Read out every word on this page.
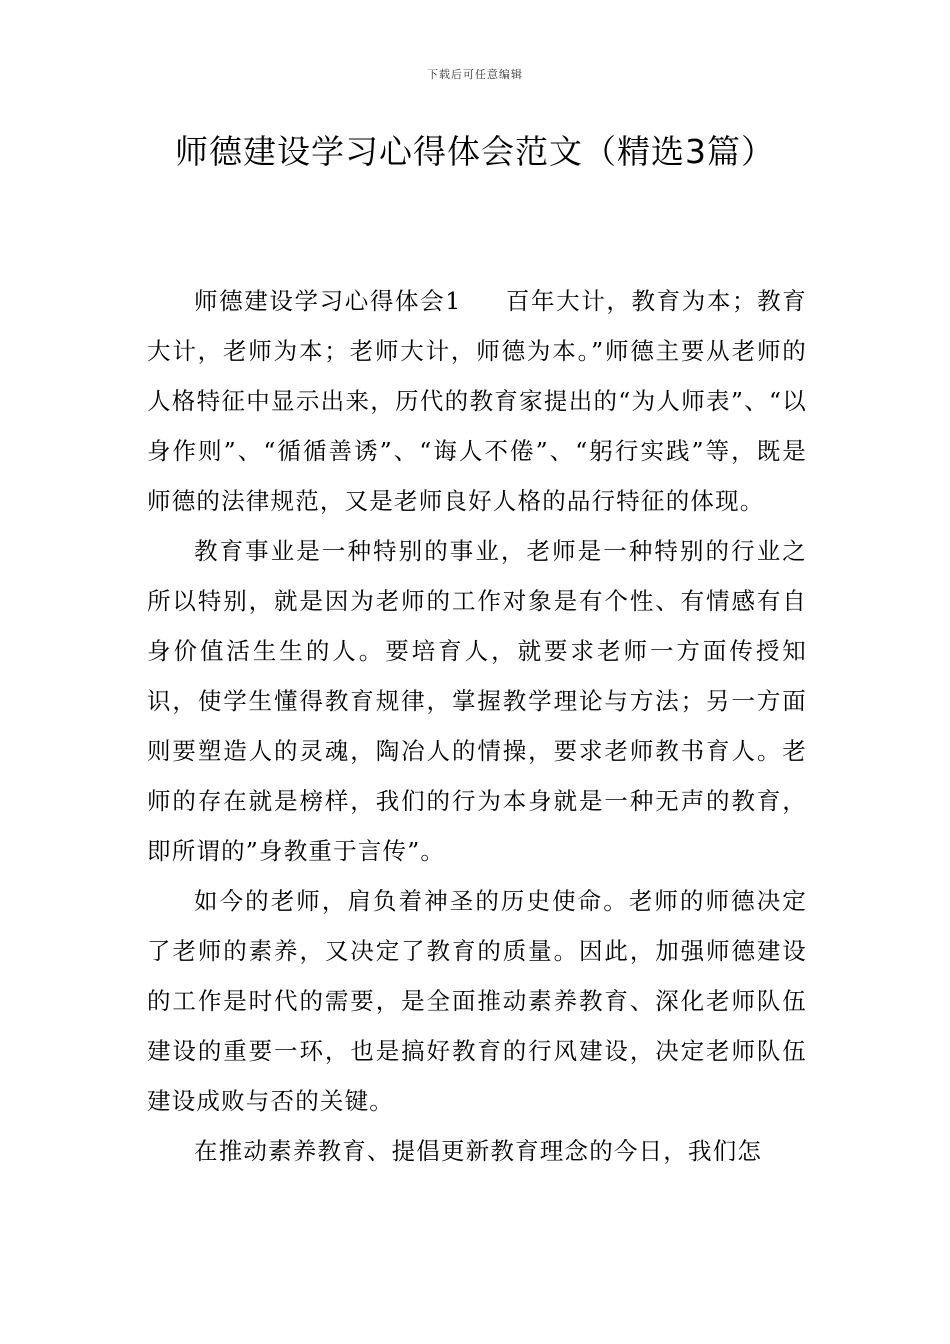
下载后可任意编辑
师德建设学习心得体会范文（精选3篇）

师德建设学习心得体会1 百年大计，教育为本；教育大计，老师为本；老师大计，师德为本。”师德主要从老师的人格特征中显示出来，历代的教育家提出的“为人师表”、“以身作则”、“循循善诱”、“诲人不倦”、“躬行实践”等，既是师德的法律规范，又是老师良好人格的品行特征的体现。

教育事业是一种特别的事业，老师是一种特别的行业之所以特别，就是因为老师的工作对象是有个性、有情感有自身价值活生生的人。要培育人，就要求老师一方面传授知识，使学生懂得教育规律，掌握教学理论与方法；另一方面则要塑造人的灵魂，陶冶人的情操，要求老师教书育人。老师的存在就是榜样，我们的行为本身就是一种无声的教育，即所谓的”身教重于言传”。

如今的老师，肩负着神圣的历史使命。老师的师德决定了老师的素养，又决定了教育的质量。因此，加强师德建设的工作是时代的需要，是全面推动素养教育、深化老师队伍建设的重要一环，也是搞好教育的行风建设，决定老师队伍建设成败与否的关键。

在推动素养教育、提倡更新教育理念的今日，我们怎
